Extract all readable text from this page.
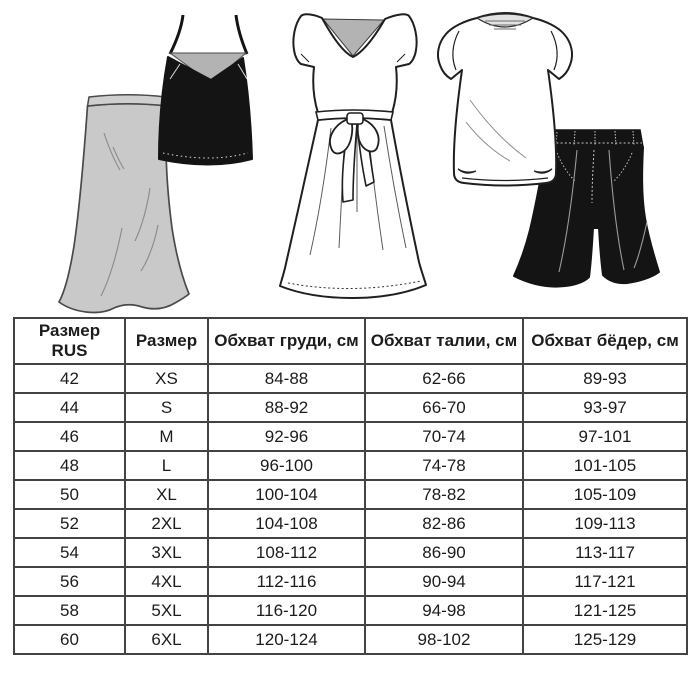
Размер RUS	Размер	Обхват груди, см	Обхват талии, см	Обхват бёдер, см
42	XS	84-88	62-66	89-93
44	S	88-92	66-70	93-97
46	M	92-96	70-74	97-101
48	L	96-100	74-78	101-105
50	XL	100-104	78-82	105-109
52	2XL	104-108	82-86	109-113
54	3XL	108-112	86-90	113-117
56	4XL	112-116	90-94	117-121
58	5XL	116-120	94-98	121-125
60	6XL	120-124	98-102	125-129
